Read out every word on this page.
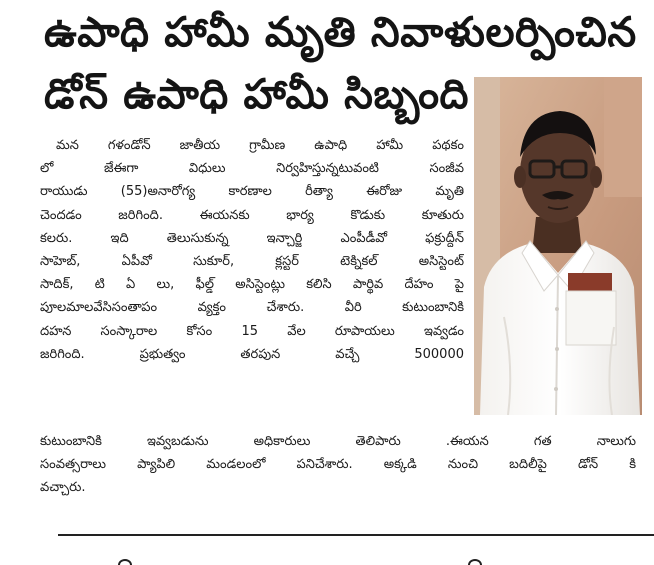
ఉపాధి హామీ మృతి నివాళులర్పించిన
డోన్ ఉపాధి హామీ సిబ్బంది
మన గళండోన్ జాతీయ గ్రామీణ ఉపాధి హామీ పథకం
లో జేఈగా విధులు నిర్వహిస్తున్నటువంటి సంజీవ
రాయుడు (55)అనారోగ్య కారణాల రీత్యా ఈరోజు మృతి
చెందడం జరిగింది. ఈయనకు భార్య కొడుకు కూతురు
కలరు. ఇది తెలుసుకున్న ఇన్చార్జి ఎంపీడీవో ఫక్రుద్దీన్
సాహెబ్, ఏపీవో సుకూర్, క్లస్టర్ టెక్నికల్ అసిస్టెంట్
సాదిక్, టి ఏ లు, ఫీల్డ్ అసిస్టెంట్లు కలిసి పార్థివ దేహం పై
పూలమాలవేసిసంతాపం వ్యక్తం చేశారు. వీరి కుటుంబానికి
దహన సంస్కారాల కోసం 15 వేల రూపాయలు ఇవ్వడం
జరిగింది. ప్రభుత్వం తరపున వచ్చే 500000
కుటుంబానికి ఇవ్వబడును అధికారులు తెలిపారు .ఈయన గత నాలుగు
సంవత్సరాలు ప్యాపిలి మండలంలో పనిచేశారు. అక్కడి నుంచి బదిలీపై డోన్ కి
వచ్చారు.
